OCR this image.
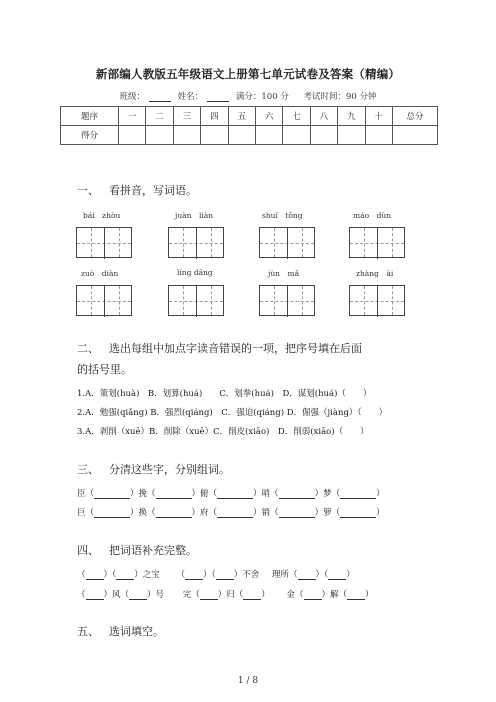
新部编人教版五年级语文上册第七单元试卷及答案（精编）
班级：	姓名：	满分：100 分 考试时间：90 分钟
题序	一	二	三	四	五	六	七	八	九	十	总分
得分											
一、 看拼音，写词语。
bái　zhòu	juàn　liàn	shuǐ　tǒng	máo　dùn
zuò　diàn	líng dāng	jùn　mǎ	zhàng　ài
二、 选出每组中加点字读音错误的一项，把序号填在后面
的括号里。
1.A．策划(huà)　B．划算(huá)　　C．划拳(huá)　D．谋划(huá)（　　）
2.A．勉强(qiǎng) B．强烈(qiáng)　C．强迫(qiáng) D．倔强（jiàng）（　　）
3.A．剥削（xuē）B．削除（xuē）C．削皮(xiāo)　D．削弱(xiāo)（　　）
三、 分清这些字，分别组词。
臣（	）挽（	）俯（	）哨（	）梦（	）
巨（	）换（	）府（	）销（	）箩（	）
四、 把词语补充完整。
（ ）（ ）之宝 （ ）（ ）不舍 理所（ ）（ ）
（ ）风（ ）号 完（ ）归（ ） 金（ ）解（ ）
五、 选词填空。
1 / 8
